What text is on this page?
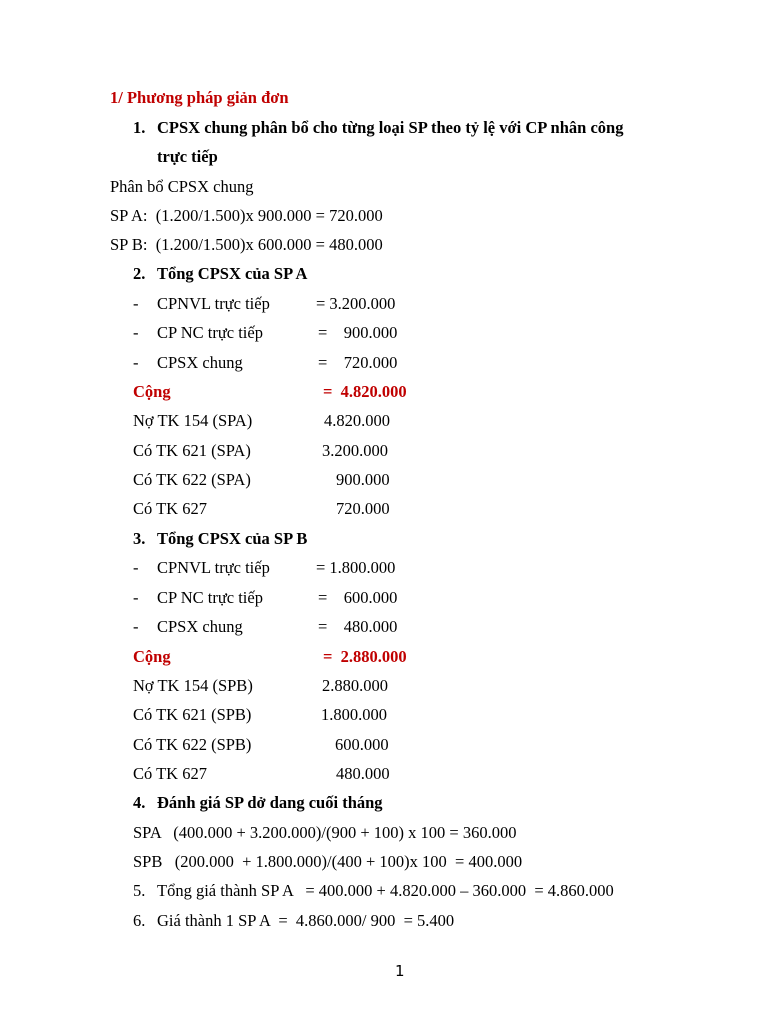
1/ Phương pháp giản đơn
1. CPSX chung phân bổ cho từng loại SP theo tỷ lệ với CP nhân công
trực tiếp
Phân bổ CPSX chung
SP A:  (1.200/1.500)x 900.000 = 720.000
SP B:  (1.200/1.500)x 600.000 = 480.000
2. Tổng CPSX của SP A
- CPNVL trực tiếp	= 3.200.000
- CP NC trực tiếp	=    900.000
- CPSX chung	=    720.000
Cộng	=  4.820.000
Nợ TK 154 (SPA)	4.820.000
Có TK 621 (SPA)	3.200.000
Có TK 622 (SPA)	900.000
Có TK 627	720.000
3. Tổng CPSX của SP B
- CPNVL trực tiếp	= 1.800.000
- CP NC trực tiếp	=    600.000
- CPSX chung	=    480.000
Cộng	=  2.880.000
Nợ TK 154 (SPB)	2.880.000
Có TK 621 (SPB)	1.800.000
Có TK 622 (SPB)	600.000
Có TK 627	480.000
4. Đánh giá SP dở dang cuối tháng
SPA   (400.000 + 3.200.000)/(900 + 100) x 100 = 360.000
SPB   (200.000  + 1.800.000)/(400 + 100)x 100  = 400.000
5. Tổng giá thành SP A   = 400.000 + 4.820.000 – 360.000  = 4.860.000
6. Giá thành 1 SP A  =  4.860.000/ 900  = 5.400
1
